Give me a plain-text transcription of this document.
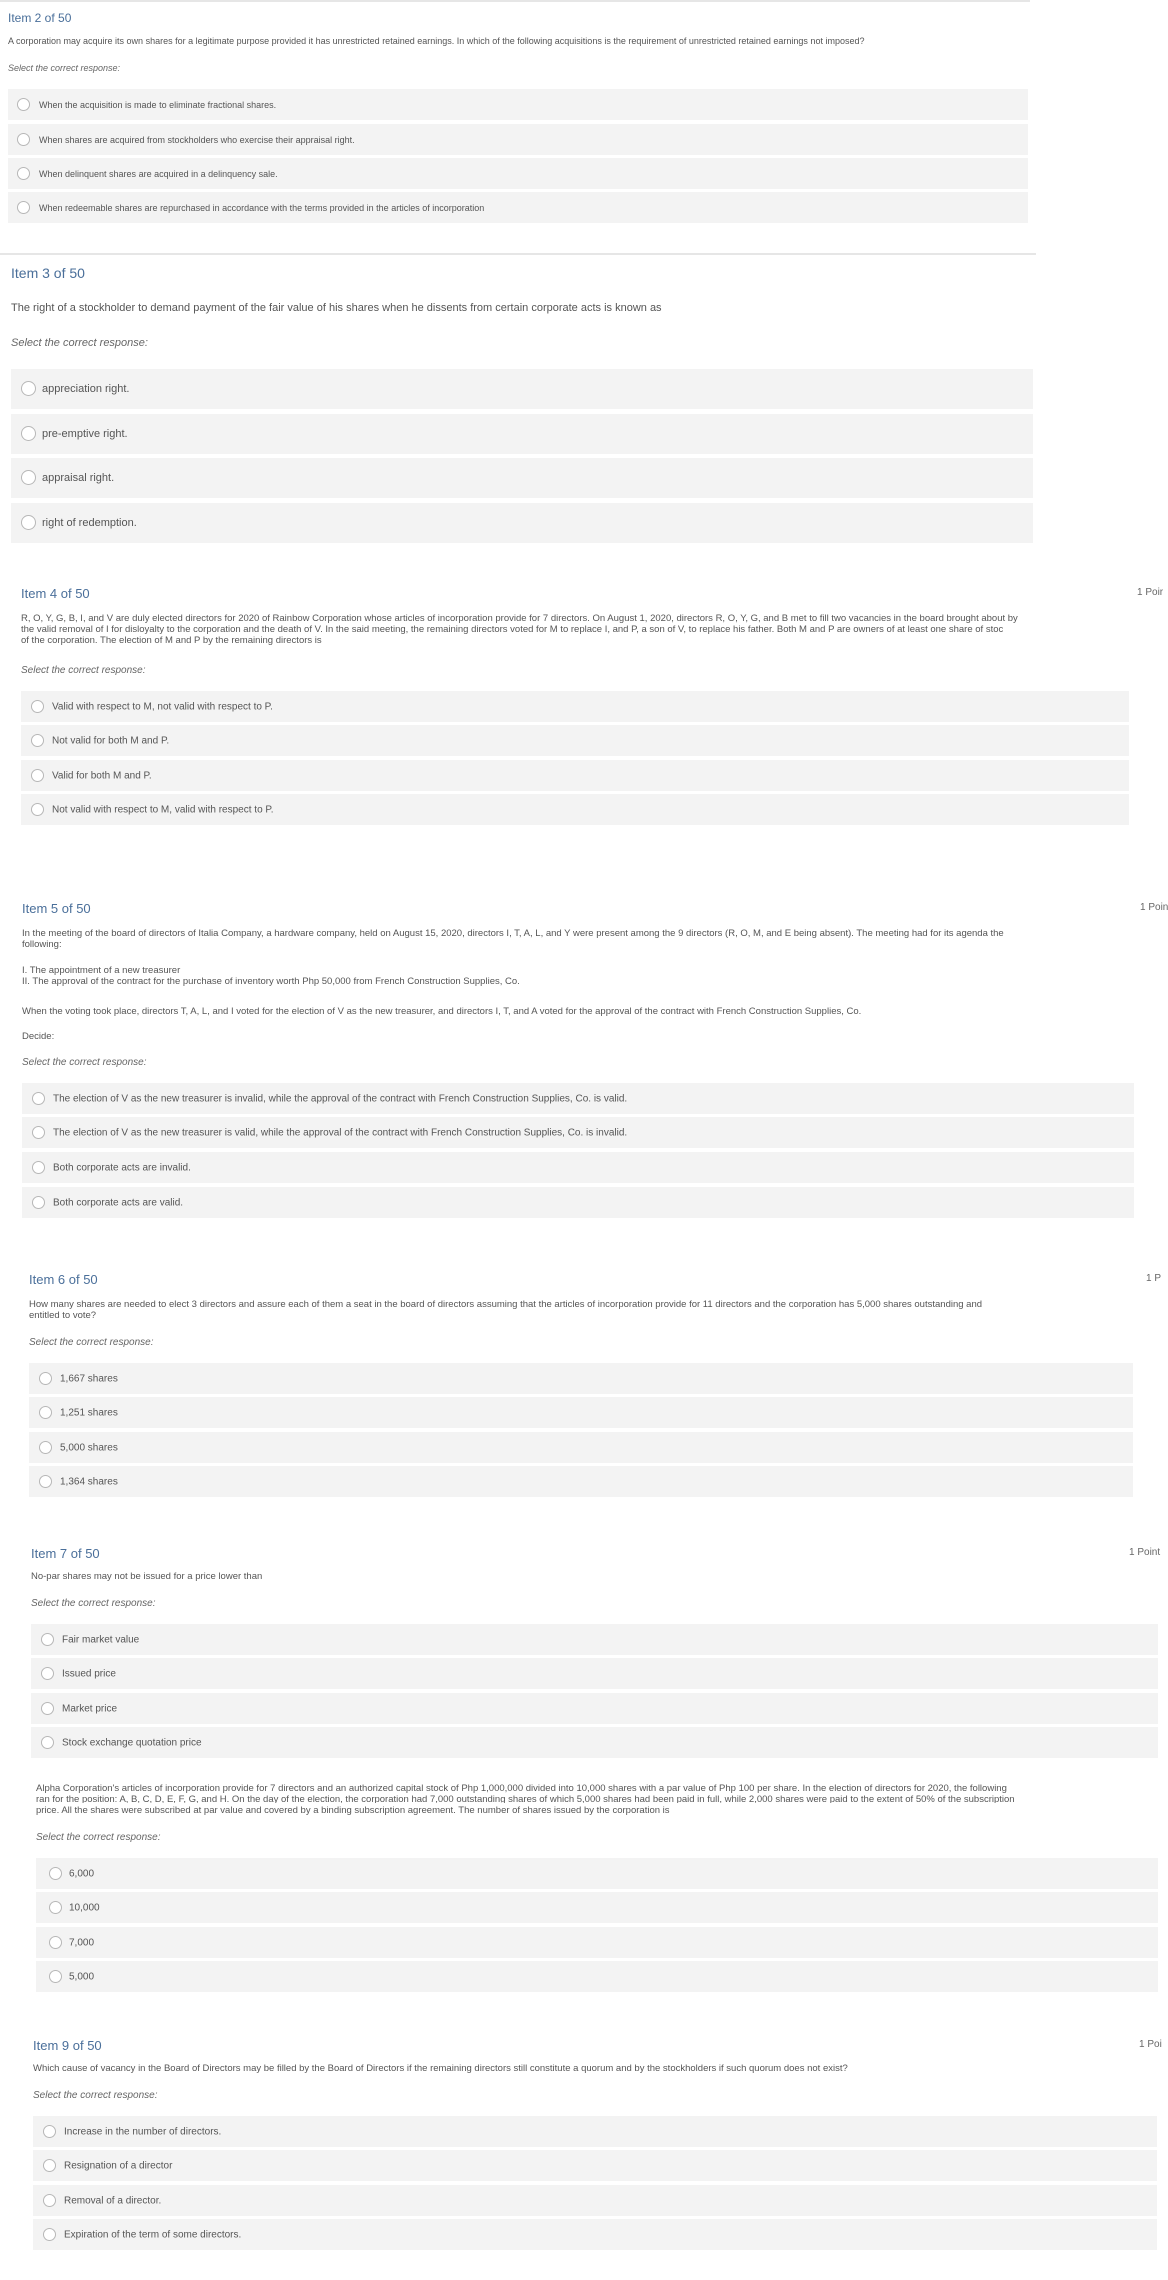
Item 2 of 50
A corporation may acquire its own shares for a legitimate purpose provided it has unrestricted retained earnings. In which of the following acquisitions is the requirement of unrestricted retained earnings not imposed?
Select the correct response:
When the acquisition is made to eliminate fractional shares.
When shares are acquired from stockholders who exercise their appraisal right.
When delinquent shares are acquired in a delinquency sale.
When redeemable shares are repurchased in accordance with the terms provided in the articles of incorporation
Item 3 of 50
The right of a stockholder to demand payment of the fair value of his shares when he dissents from certain corporate acts is known as
Select the correct response:
appreciation right.
pre-emptive right.
appraisal right.
right of redemption.
Item 4 of 50	1 Poir
R, O, Y, G, B, I, and V are duly elected directors for 2020 of Rainbow Corporation whose articles of incorporation provide for 7 directors. On August 1, 2020, directors R, O, Y, G, and B met to fill two vacancies in the board brought about by
the valid removal of I for disloyalty to the corporation and the death of V. In the said meeting, the remaining directors voted for M to replace I, and P, a son of V, to replace his father. Both M and P are owners of at least one share of stoc
of the corporation. The election of M and P by the remaining directors is
Select the correct response:
Valid with respect to M, not valid with respect to P.
Not valid for both M and P.
Valid for both M and P.
Not valid with respect to M, valid with respect to P.
Item 5 of 50	1 Poin
In the meeting of the board of directors of Italia Company, a hardware company, held on August 15, 2020, directors I, T, A, L, and Y were present among the 9 directors (R, O, M, and E being absent). The meeting had for its agenda the
following:
I. The appointment of a new treasurer
II. The approval of the contract for the purchase of inventory worth Php 50,000 from French Construction Supplies, Co.
When the voting took place, directors T, A, L, and I voted for the election of V as the new treasurer, and directors I, T, and A voted for the approval of the contract with French Construction Supplies, Co.
Decide:
Select the correct response:
The election of V as the new treasurer is invalid, while the approval of the contract with French Construction Supplies, Co. is valid.
The election of V as the new treasurer is valid, while the approval of the contract with French Construction Supplies, Co. is invalid.
Both corporate acts are invalid.
Both corporate acts are valid.
Item 6 of 50	1 P
How many shares are needed to elect 3 directors and assure each of them a seat in the board of directors assuming that the articles of incorporation provide for 11 directors and the corporation has 5,000 shares outstanding and
entitled to vote?
Select the correct response:
1,667 shares
1,251 shares
5,000 shares
1,364 shares
Item 7 of 50	1 Point
No-par shares may not be issued for a price lower than
Select the correct response:
Fair market value
Issued price
Market price
Stock exchange quotation price
Alpha Corporation's articles of incorporation provide for 7 directors and an authorized capital stock of Php 1,000,000 divided into 10,000 shares with a par value of Php 100 per share. In the election of directors for 2020, the following
ran for the position: A, B, C, D, E, F, G, and H. On the day of the election, the corporation had 7,000 outstanding shares of which 5,000 shares had been paid in full, while 2,000 shares were paid to the extent of 50% of the subscription
price. All the shares were subscribed at par value and covered by a binding subscription agreement. The number of shares issued by the corporation is
Select the correct response:
6,000
10,000
7,000
5,000
Item 9 of 50	1 Poi
Which cause of vacancy in the Board of Directors may be filled by the Board of Directors if the remaining directors still constitute a quorum and by the stockholders if such quorum does not exist?
Select the correct response:
Increase in the number of directors.
Resignation of a director
Removal of a director.
Expiration of the term of some directors.
